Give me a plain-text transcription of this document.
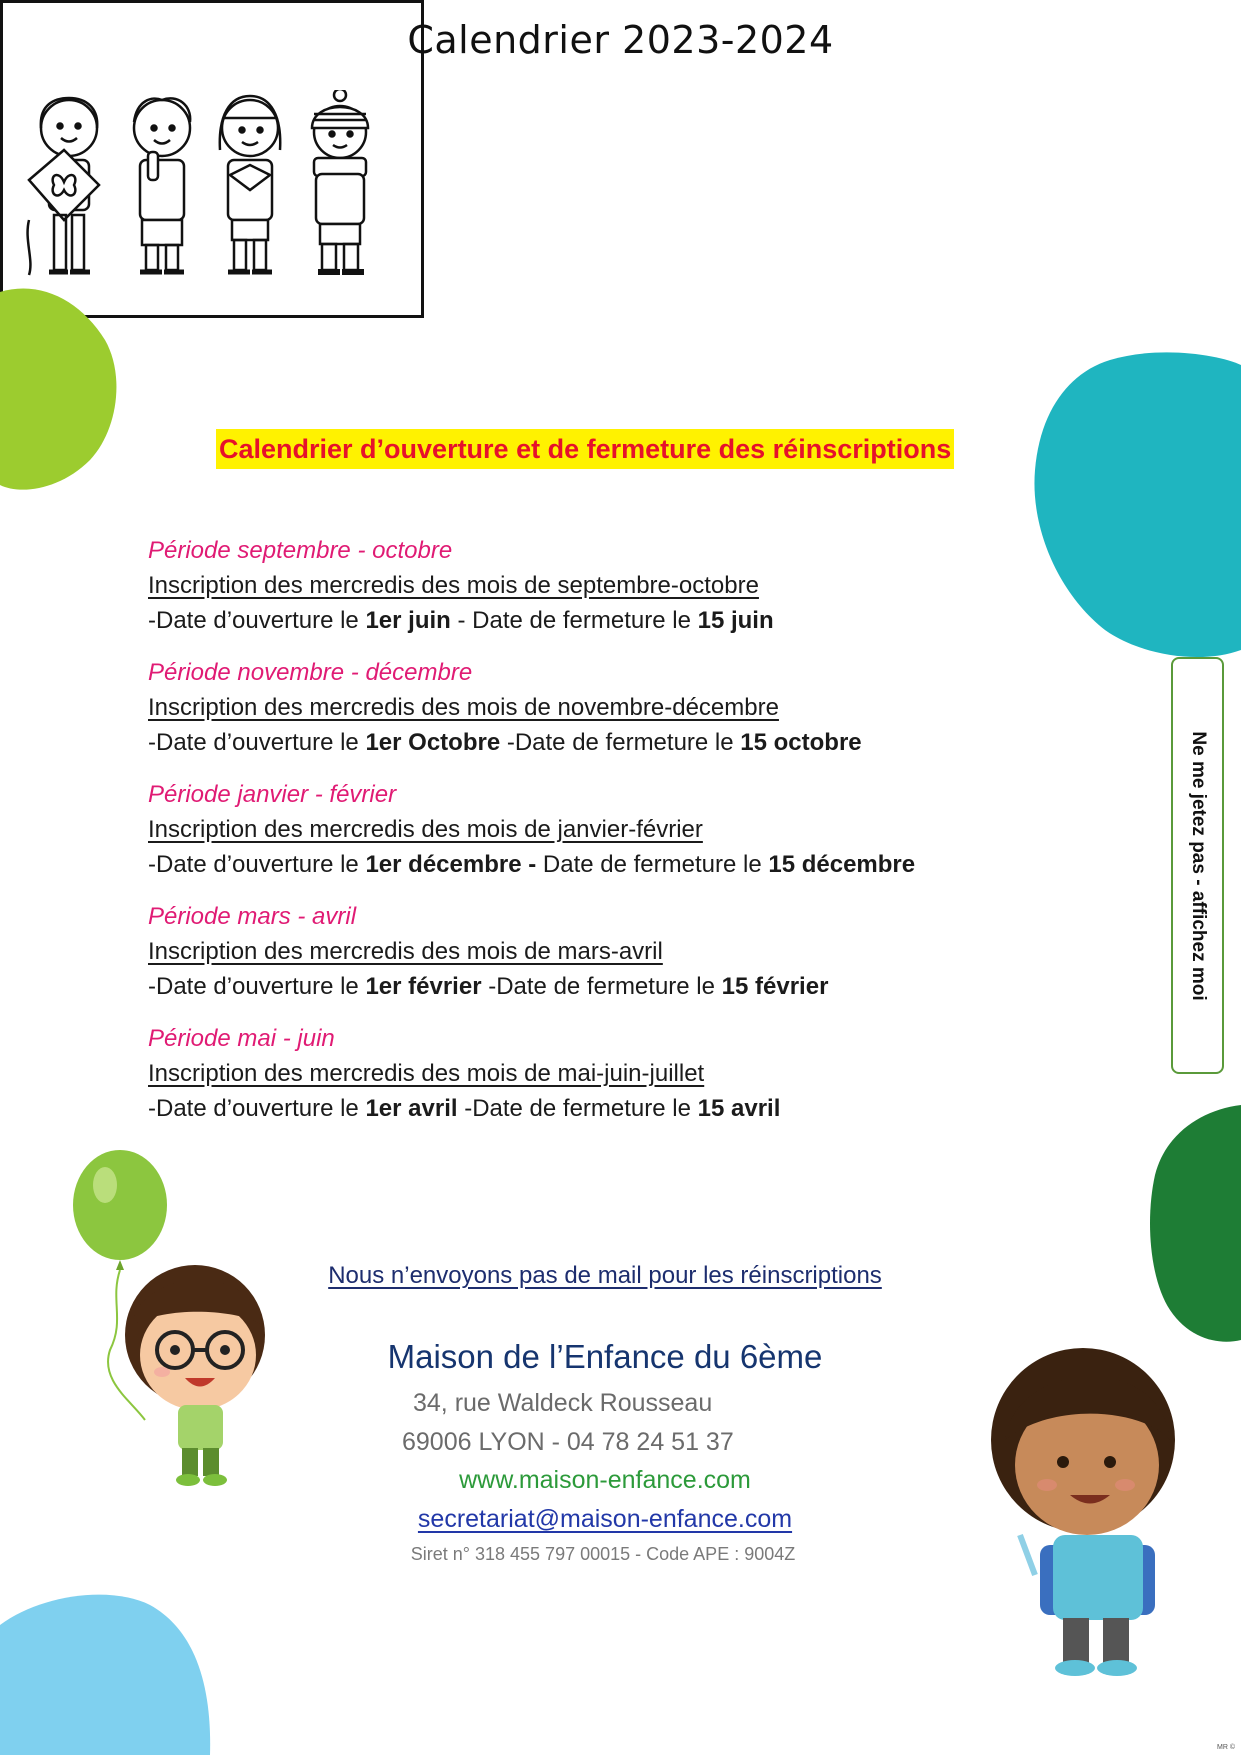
Calendrier 2023-2024
MR ©
Calendrier d’ouverture et de fermeture des réinscriptions
Période septembre - octobre
Inscription des mercredis des mois de septembre-octobre
-Date d’ouverture le 1er juin - Date de fermeture le 15 juin
Période novembre - décembre
Inscription des mercredis des mois de novembre-décembre
-Date d’ouverture le 1er Octobre -Date de fermeture le 15 octobre
Période janvier - février
Inscription des mercredis des mois de janvier-février
-Date d’ouverture le 1er décembre - Date de fermeture le 15 décembre
Période mars - avril
Inscription des mercredis des mois de mars-avril
-Date d’ouverture le 1er février -Date de fermeture le 15 février
Période mai - juin
Inscription des mercredis des mois de mai-juin-juillet
-Date d’ouverture le 1er avril -Date de fermeture le 15 avril
Ne me jetez pas - affichez moi
Nous n’envoyons pas de mail pour les réinscriptions
Maison de l’Enfance du 6ème
34, rue Waldeck Rousseau
69006 LYON - 04 78 24 51 37
www.maison-enfance.com
secretariat@maison-enfance.com
Siret n° 318 455 797 00015 - Code APE : 9004Z
